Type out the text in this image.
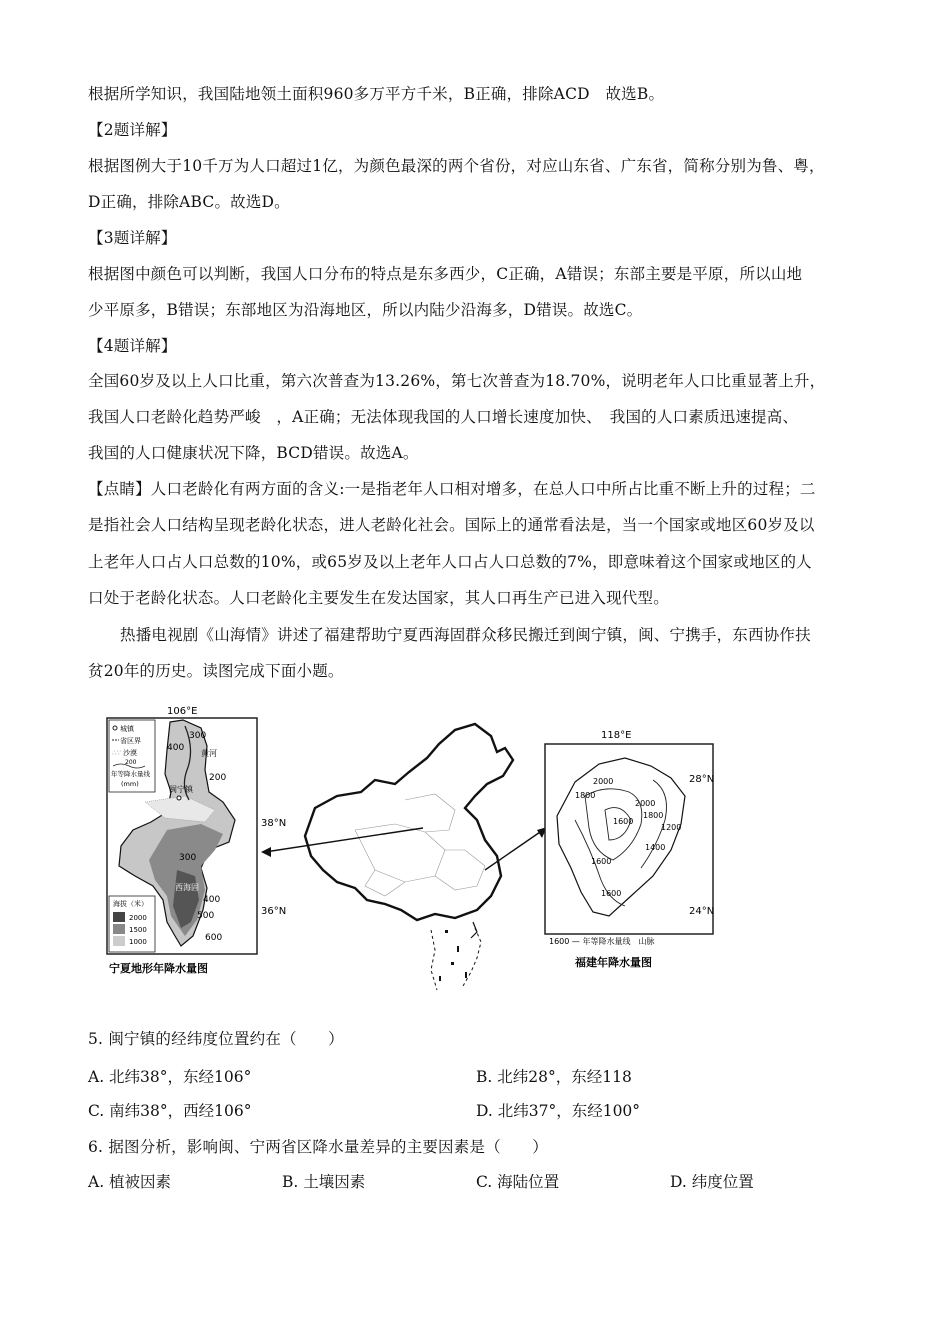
根据所学知识，我国陆地领土面积960多万平方千米，B正确，排除ACD　故选B。
【2题详解】
根据图例大于10千万为人口超过1亿，为颜色最深的两个省份，对应山东省、广东省，简称分别为鲁、粤，
D正确，排除ABC。故选D。
【3题详解】
根据图中颜色可以判断，我国人口分布的特点是东多西少，C正确，A错误；东部主要是平原，所以山地
少平原多，B错误；东部地区为沿海地区，所以内陆少沿海多，D错误。故选C。
【4题详解】
全国60岁及以上人口比重，第六次普查为13.26%，第七次普查为18.70%，说明老年人口比重显著上升，
我国人口老龄化趋势严峻　，A正确；无法体现我国的人口增长速度加快、　我国的人口素质迅速提高、
我国的人口健康状况下降，BCD错误。故选A。
【点睛】人口老龄化有两方面的含义:一是指老年人口相对增多，在总人口中所占比重不断上升的过程；二
是指社会人口结构呈现老龄化状态，进人老龄化社会。国际上的通常看法是，当一个国家或地区60岁及以
上老年人口占人口总数的10%，或65岁及以上老年人口占人口总数的7%，即意味着这个国家或地区的人
口处于老龄化状态。人口老龄化主要发生在发达国家，其人口再生产已进入现代型。
热播电视剧《山海情》讲述了福建帮助宁夏西海固群众移民搬迁到闽宁镇，闽、宁携手，东西协作扶
贫20年的历史。读图完成下面小题。
106°E
38°N
36°N
城镇
省区界
∴∵ 沙漠
200
年等降水量线
(mm)
黄河
闽宁镇
西海固
300
400
200
300
400
500
600
海拔（米）
2000
1500
1000
宁夏地形年降水量图
118°E
28°N
24°N
2000
1800
2000
1800
1600
1400
1200
1600
1600
1600 — 年等降水量线　山脉
福建年降水量图
5. 闽宁镇的经纬度位置约在（　　）
A. 北纬38°，东经106°	B. 北纬28°，东经118
C. 南纬38°，西经106°	D. 北纬37°，东经100°
6. 据图分析，影响闽、宁两省区降水量差异的主要因素是（　　）
A. 植被因素	B. 土壤因素	C. 海陆位置	D. 纬度位置
